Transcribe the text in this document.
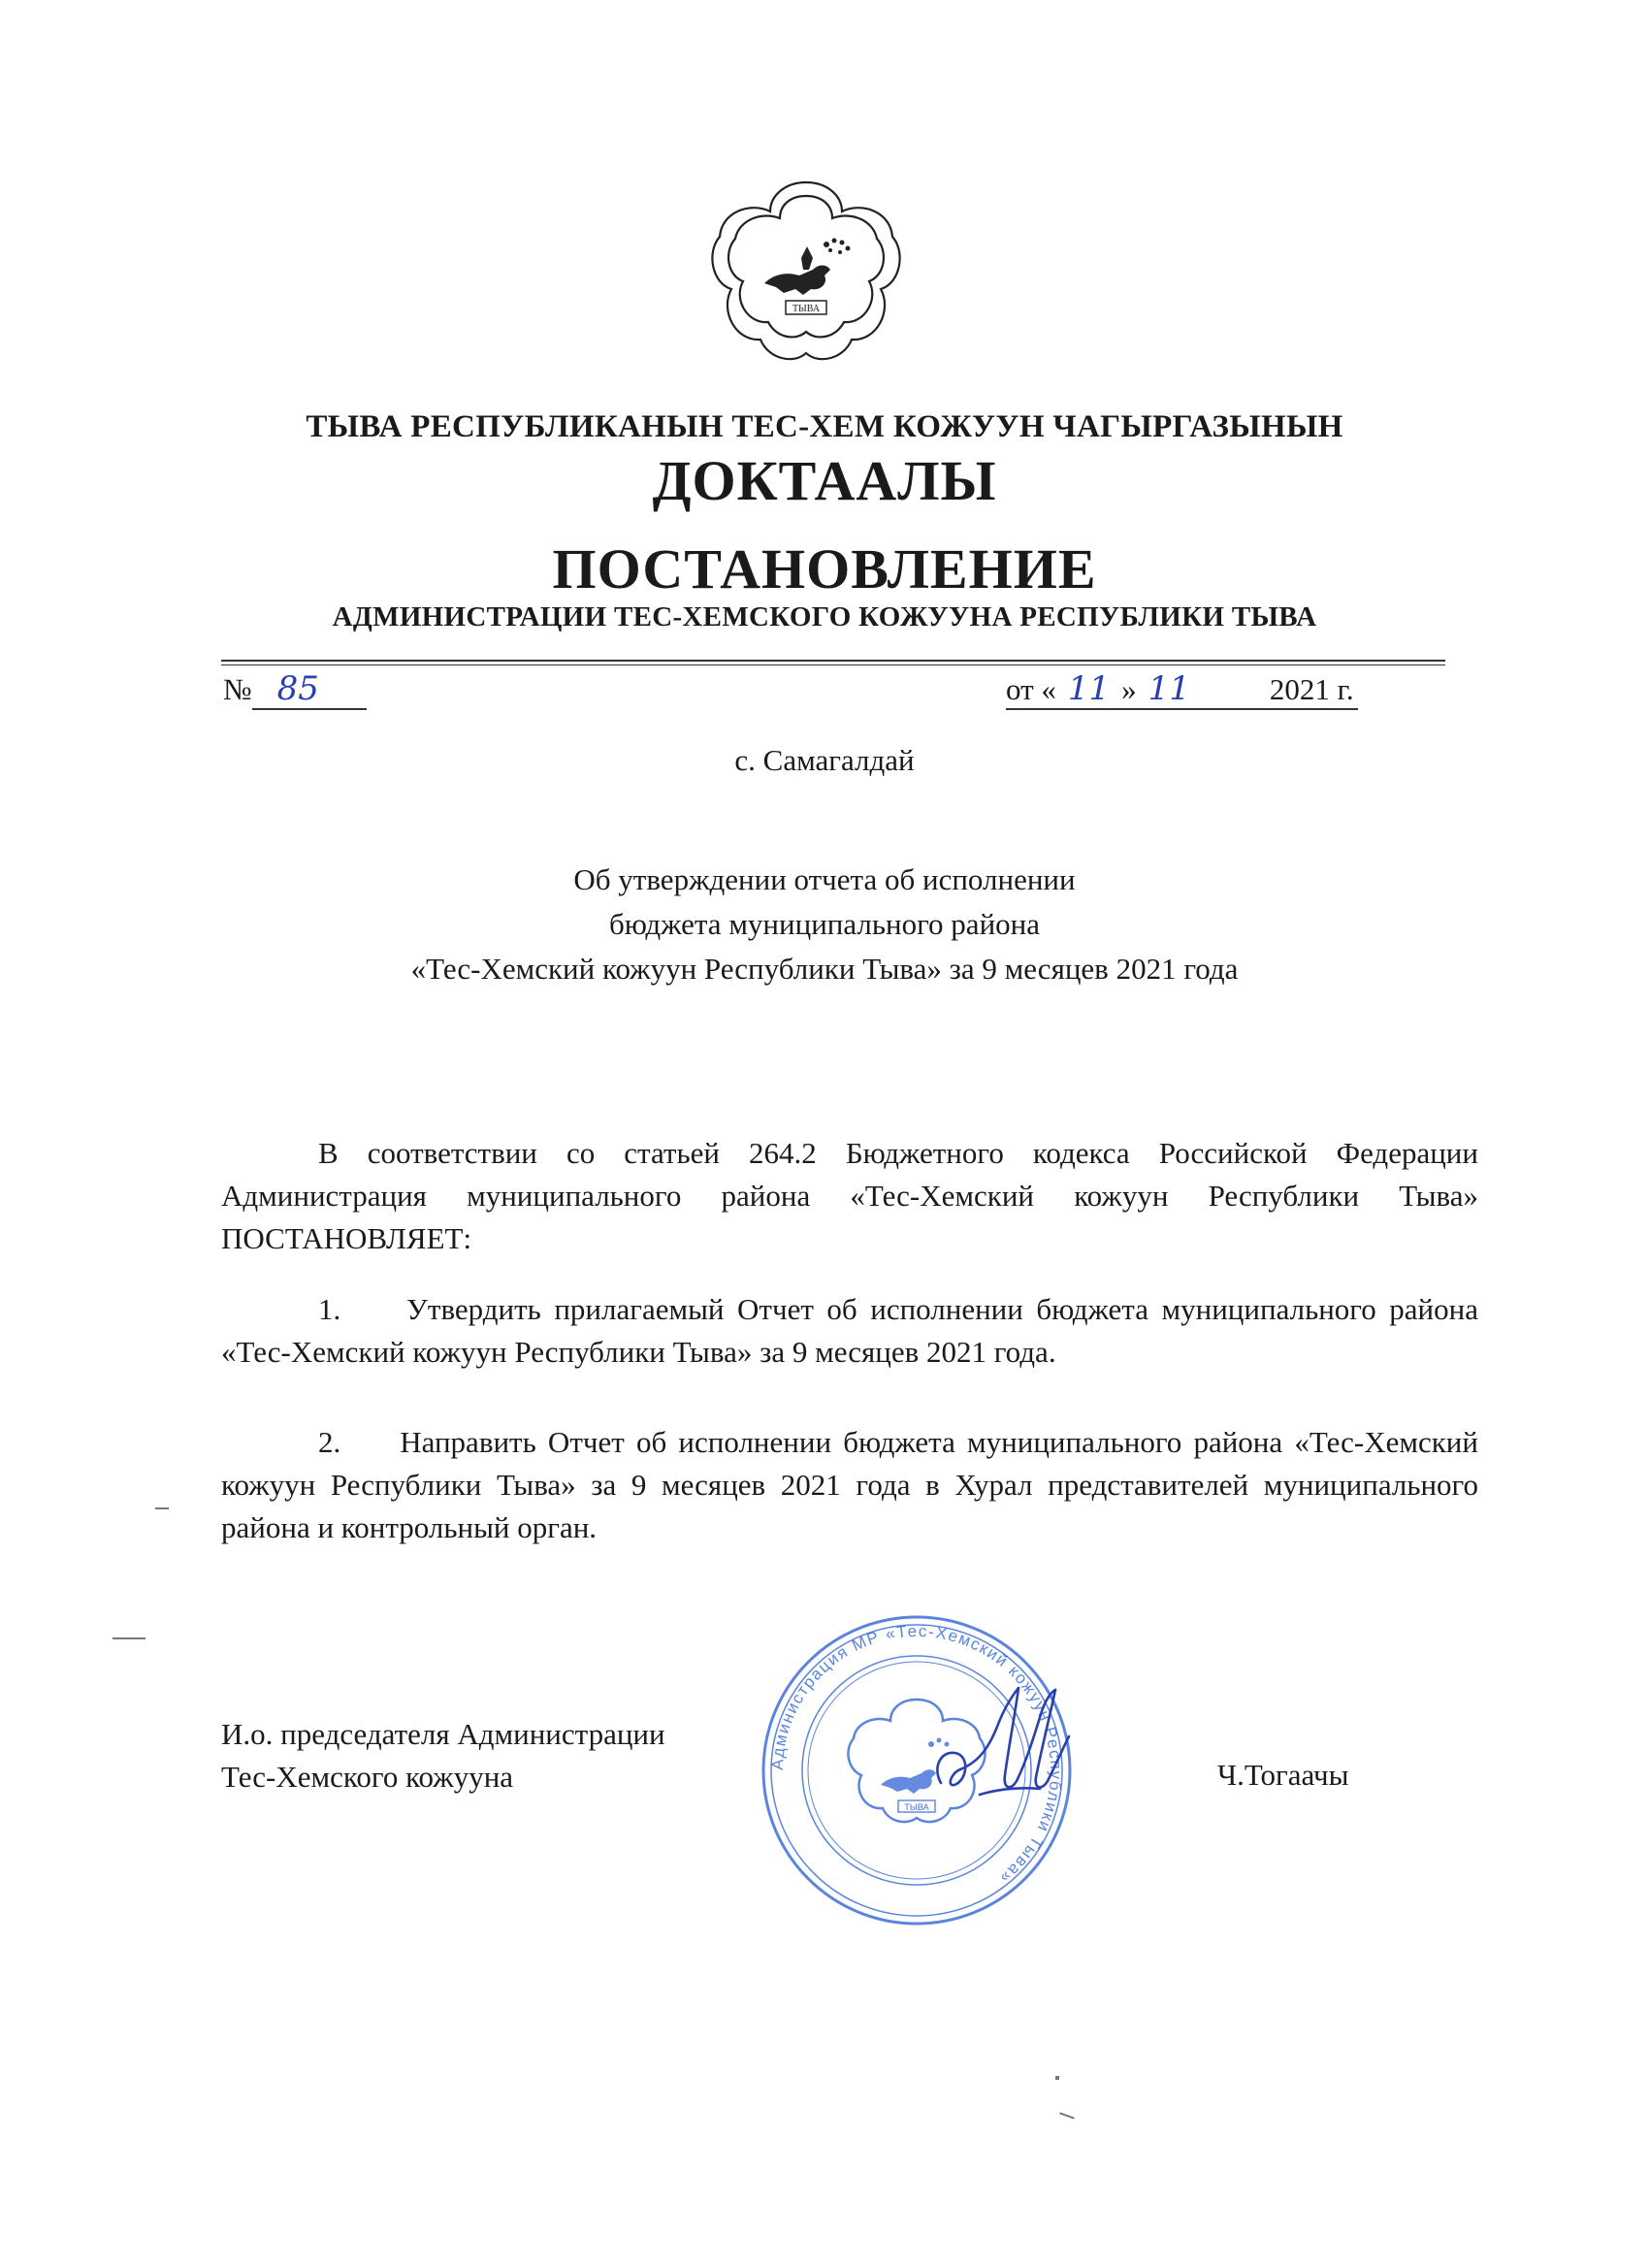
ТЫВА
ТЫВА РЕСПУБЛИКАНЫН ТЕС-ХЕМ КОЖУУН ЧАГЫРГАЗЫНЫН
ДОКТААЛЫ
ПОСТАНОВЛЕНИЕ
АДМИНИСТРАЦИИ ТЕС-ХЕМСКОГО КОЖУУНА РЕСПУБЛИКИ ТЫВА
№ 85	от « 11 » 11	2021 г.
с. Самагалдай
Об утверждении отчета об исполнении
бюджета муниципального района
«Тес-Хемский кожуун Республики Тыва» за 9 месяцев 2021 года
В соответствии со статьей 264.2 Бюджетного кодекса Российской Федерации Администрация муниципального района «Тес-Хемский кожуун Республики Тыва» ПОСТАНОВЛЯЕТ:
1.     Утвердить прилагаемый Отчет об исполнении бюджета муниципального района «Тес-Хемский кожуун Республики Тыва» за 9 месяцев 2021 года.
2.     Направить Отчет об исполнении бюджета муниципального района «Тес-Хемский кожуун Республики Тыва» за 9 месяцев 2021 года в Хурал представителей муниципального района и контрольный орган.
И.о. председателя Администрации
Тес-Хемского кожууна	Ч.Тогаачы
Администрация МР «Тес-Хемский кожуун Республики Тыва»
ТЫВА
